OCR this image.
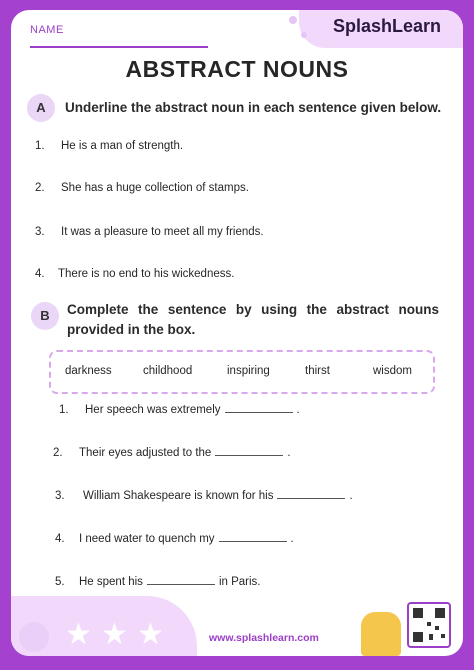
NAME	SplashLearn
ABSTRACT NOUNS
A	Underline the abstract noun in each sentence given below.
1. He is a man of strength.
2. She has a huge collection of stamps.
3. It was a pleasure to meet all my friends.
4. There is no end to his wickedness.
B	Complete the sentence by using the abstract nouns
provided in the box.
darkness	childhood	inspiring	thirst	wisdom
1. Her speech was extremely	.
2. Their eyes adjusted to the	.
3. William Shakespeare is known for his	.
4. I need water to quench my	.
5. He spent his	in Paris.
★ ★ ★	www.splashlearn.com
